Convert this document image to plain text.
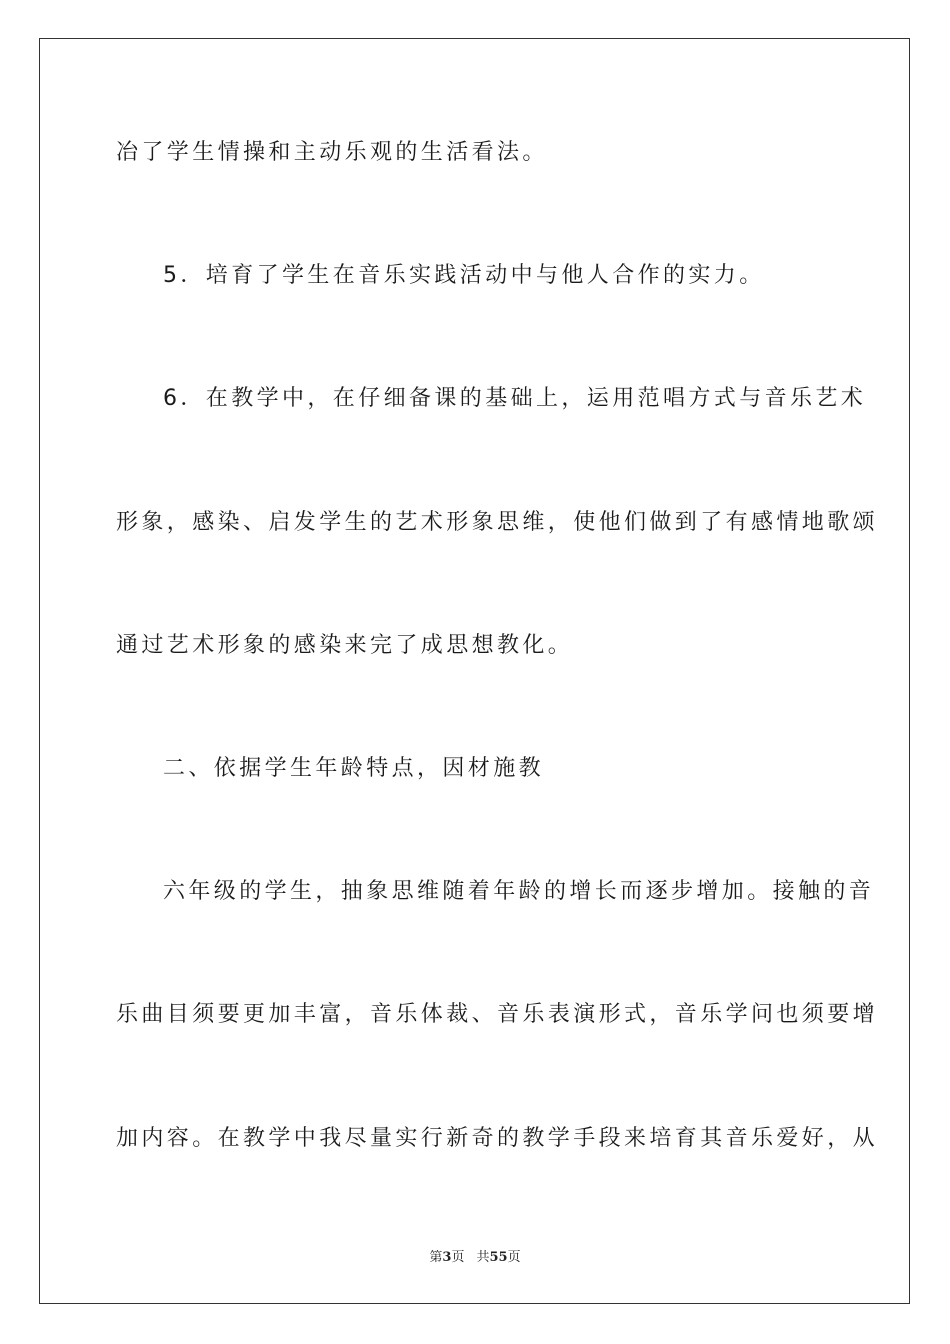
冶了学生情操和主动乐观的生活看法。
5．培育了学生在音乐实践活动中与他人合作的实力。
6．在教学中，在仔细备课的基础上，运用范唱方式与音乐艺术
形象，感染、启发学生的艺术形象思维，使他们做到了有感情地歌颂
通过艺术形象的感染来完了成思想教化。
二、依据学生年龄特点，因材施教
六年级的学生，抽象思维随着年龄的增长而逐步增加。接触的音
乐曲目须要更加丰富，音乐体裁、音乐表演形式，音乐学问也须要增
加内容。在教学中我尽量实行新奇的教学手段来培育其音乐爱好，从
第3页 共55页
